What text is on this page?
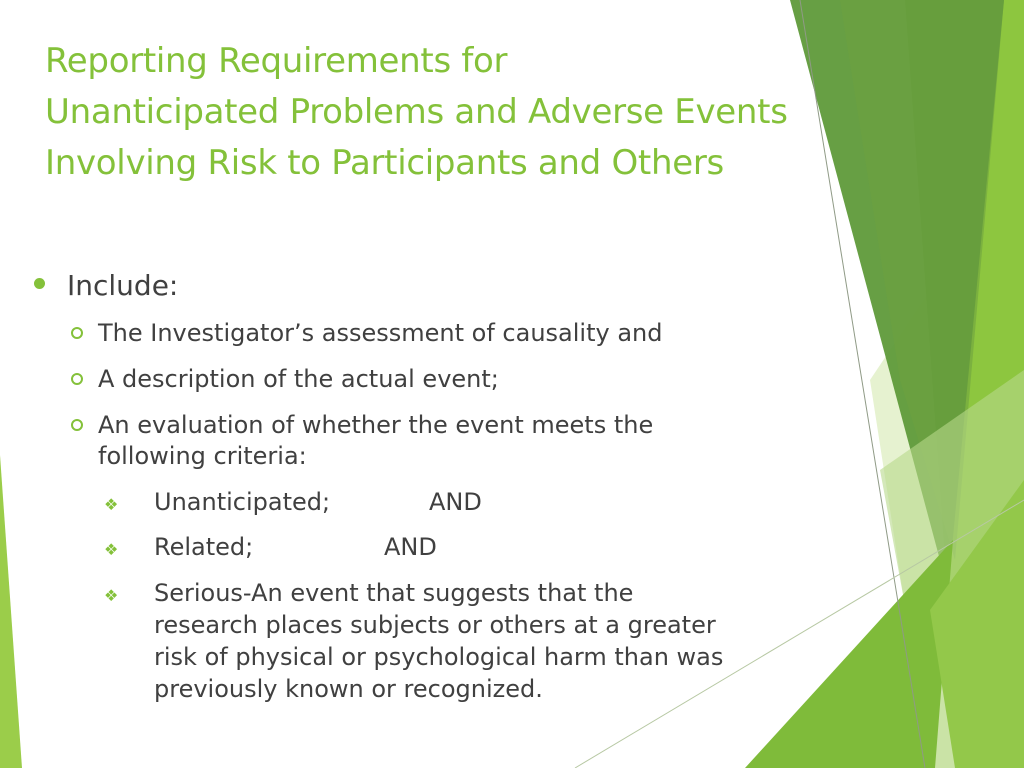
Reporting Requirements for
Unanticipated Problems and Adverse Events
Involving Risk to Participants and Others
Include:
The Investigator’s assessment of causality and
A description of the actual event;
An evaluation of whether the event meets the
following criteria:
❖ Unanticipated;	AND
❖ Related;	AND
❖ Serious-An event that suggests that the
research places subjects or others at a greater
risk of physical or psychological harm than was
previously known or recognized.
